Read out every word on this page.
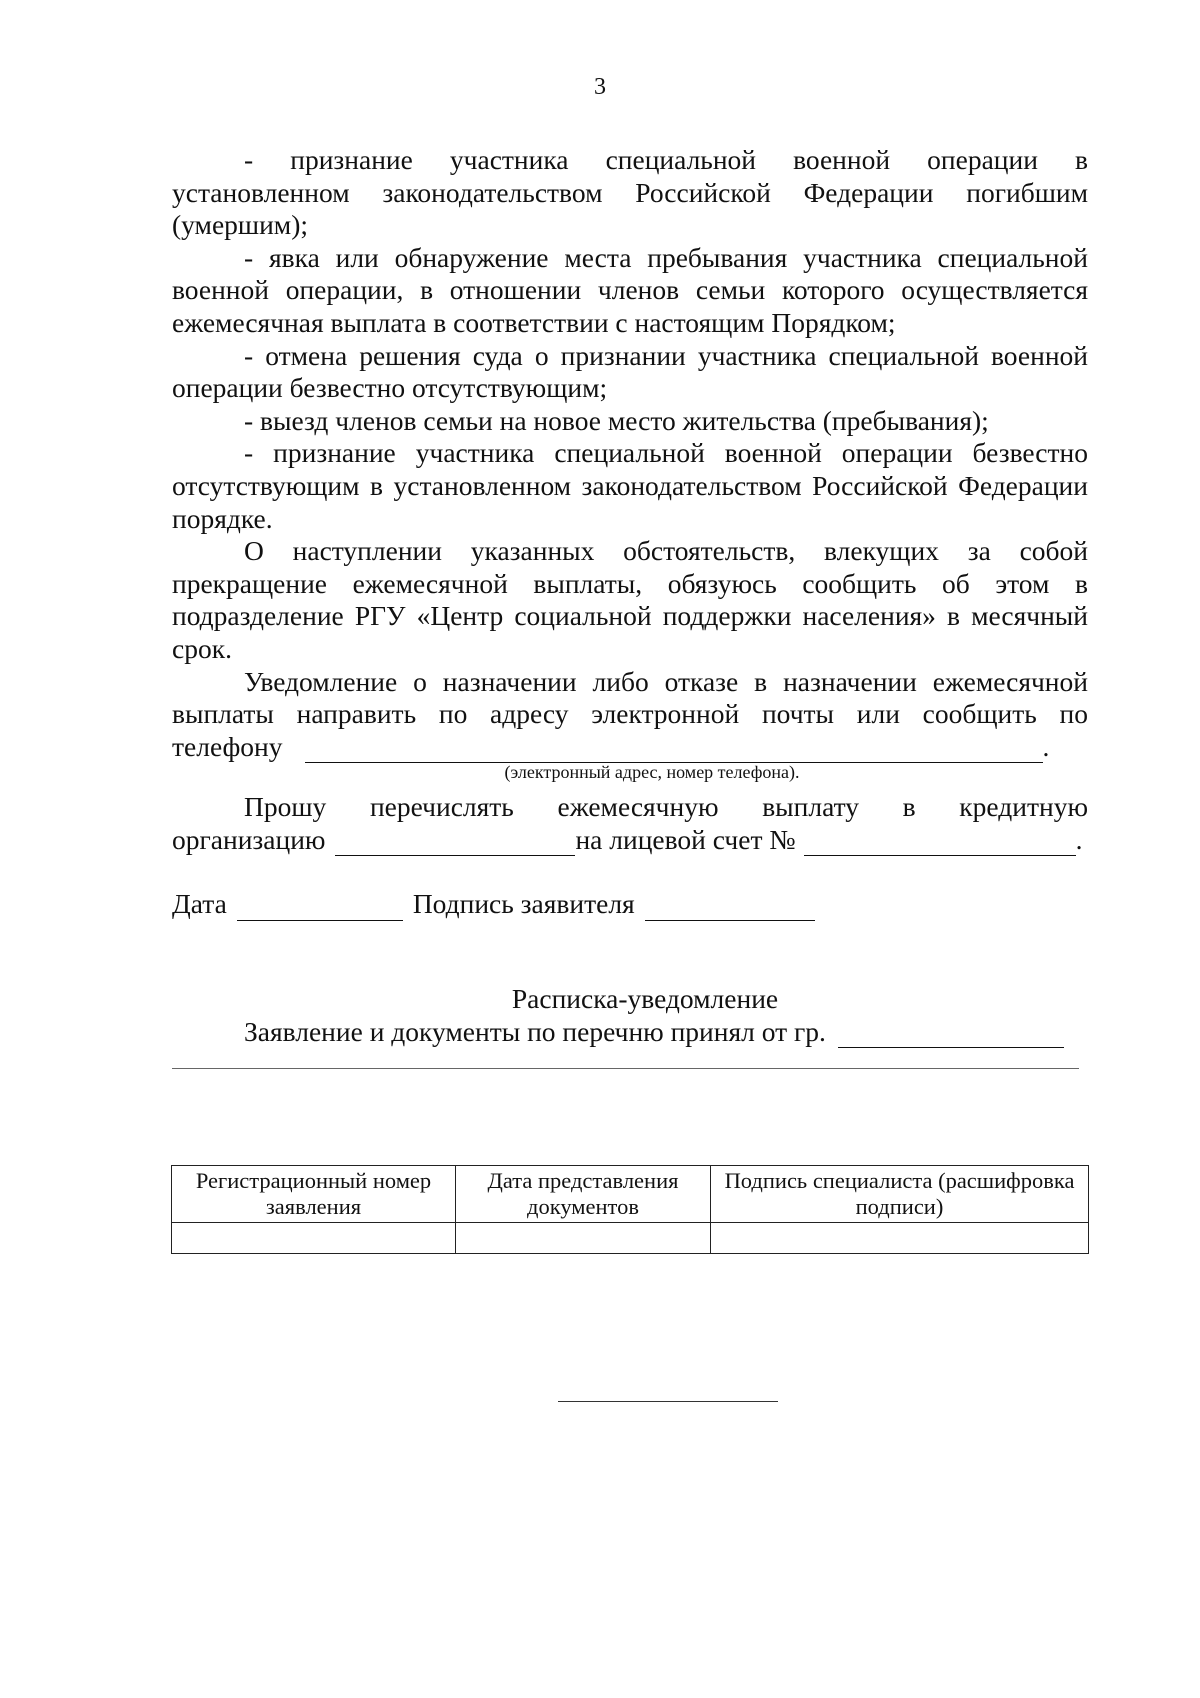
3

- признание участника специальной военной операции в установленном законодательством Российской Федерации погибшим (умершим);

- явка или обнаружение места пребывания участника специальной военной операции, в отношении членов семьи которого осуществляется ежемесячная выплата в соответствии с настоящим Порядком;

- отмена решения суда о признании участника специальной военной операции безвестно отсутствующим;

- выезд членов семьи на новое место жительства (пребывания);

- признание участника специальной военной операции безвестно отсутствующим в установленном законодательством Российской Федерации порядке.

О наступлении указанных обстоятельств, влекущих за собой прекращение ежемесячной выплаты, обязуюсь сообщить об этом в подразделение РГУ «Центр социальной поддержки населения» в месячный срок.

Уведомление о назначении либо отказе в назначении ежемесячной выплаты направить по адресу электронной почты или сообщить по

телефону	.
(электронный адрес, номер телефона).

Прошу перечислять ежемесячную выплату в кредитную

организацию	на лицевой счет №	.
Дата	Подпись заявителя

Расписка-уведомление

Заявление и документы по перечню принял от гр.
Регистрационный номер заявления	Дата представления документов	Подпись специалиста (расшифровка подписи)
